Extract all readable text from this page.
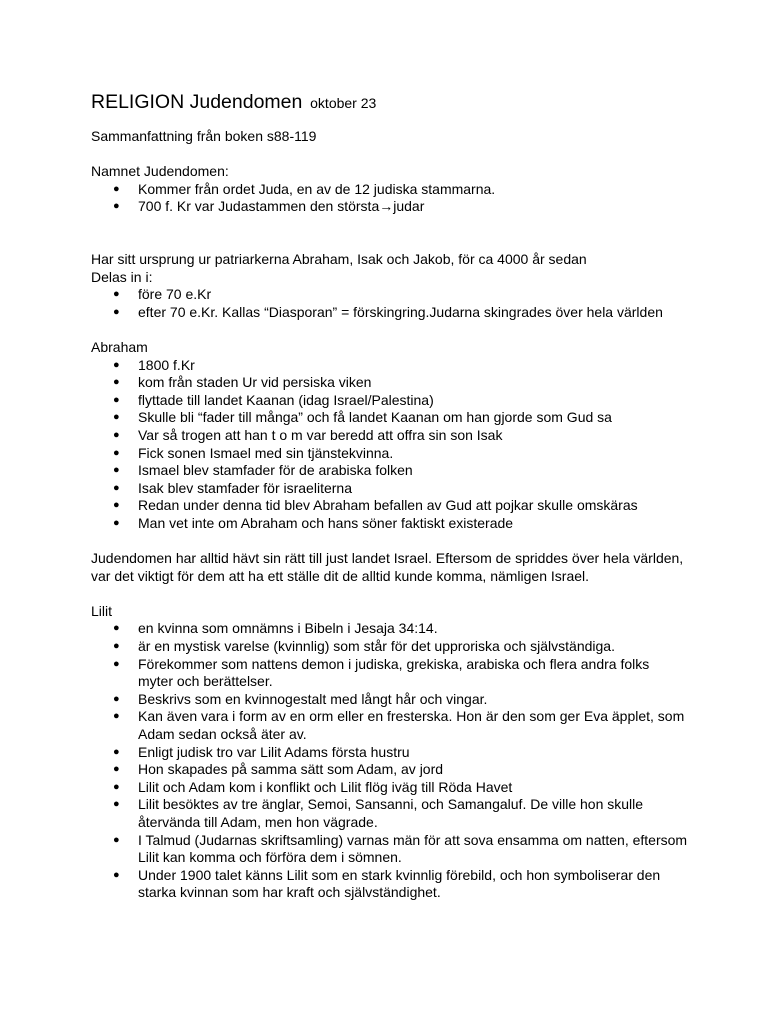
RELIGION Judendomen oktober 23

Sammanfattning från boken s88-119

Namnet Judendomen:

● Kommer från ordet Juda, en av de 12 judiska stammarna.
● 700 f. Kr var Judastammen den största→judar

Har sitt ursprung ur patriarkerna Abraham, Isak och Jakob, för ca 4000 år sedan

Delas in i:

● före 70 e.Kr
● efter 70 e.Kr. Kallas “Diasporan” = förskingring.Judarna skingrades över hela världen

Abraham

● 1800 f.Kr
● kom från staden Ur vid persiska viken
● flyttade till landet Kaanan (idag Israel/Palestina)
● Skulle bli “fader till många” och få landet Kaanan om han gjorde som Gud sa
● Var så trogen att han t o m var beredd att offra sin son Isak
● Fick sonen Ismael med sin tjänstekvinna.
● Ismael blev stamfader för de arabiska folken
● Isak blev stamfader för israeliterna
● Redan under denna tid blev Abraham befallen av Gud att pojkar skulle omskäras
● Man vet inte om Abraham och hans söner faktiskt existerade

Judendomen har alltid hävt sin rätt till just landet Israel. Eftersom de spriddes över hela världen, var det viktigt för dem att ha ett ställe dit de alltid kunde komma, nämligen Israel.

Lilit

● en kvinna som omnämns i Bibeln i Jesaja 34:14.
● är en mystisk varelse (kvinnlig) som står för det upproriska och självständiga.
● Förekommer som nattens demon i judiska, grekiska, arabiska och flera andra folks myter och berättelser.
● Beskrivs som en kvinnogestalt med långt hår och vingar.
● Kan även vara i form av en orm eller en fresterska. Hon är den som ger Eva äpplet, som Adam sedan också äter av.
● Enligt judisk tro var Lilit Adams första hustru
● Hon skapades på samma sätt som Adam, av jord
● Lilit och Adam kom i konflikt och Lilit flög iväg till Röda Havet
● Lilit besöktes av tre änglar, Semoi, Sansanni, och Samangaluf. De ville hon skulle återvända till Adam, men hon vägrade.
● I Talmud (Judarnas skriftsamling) varnas män för att sova ensamma om natten, eftersom Lilit kan komma och förföra dem i sömnen.
● Under 1900 talet känns Lilit som en stark kvinnlig förebild, och hon symboliserar den starka kvinnan som har kraft och självständighet.
